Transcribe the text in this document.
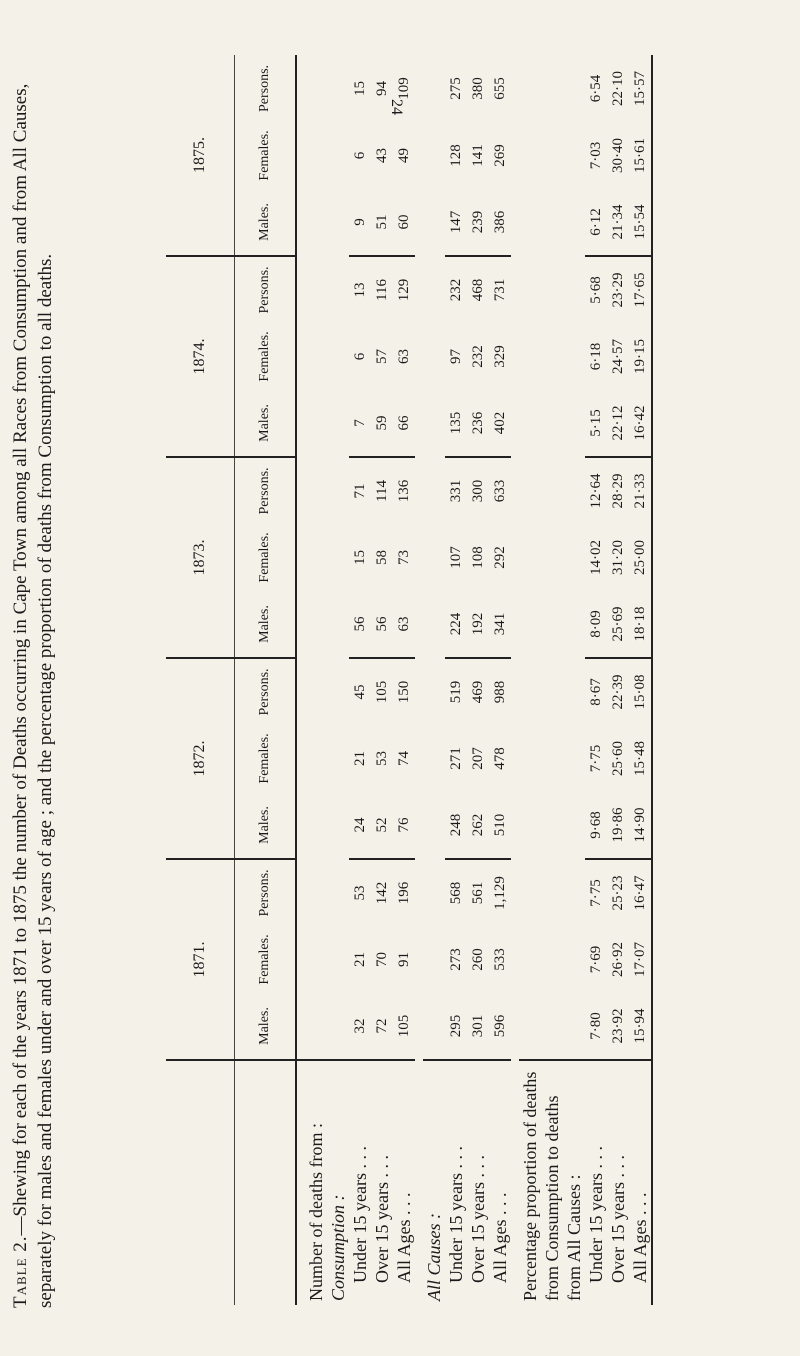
24
Table 2.—Shewing for each of the years 1871 to 1875 the number of Deaths occurring in Cape Town among all Races from Consumption and from All Causes, separately for males and females under and over 15 years of age ; and the percentage proportion of deaths from Consumption to all deaths.
		1871.			1872.			1873.			1874.			1875.		
	Males.	Females.	Persons.	Males.	Females.	Persons.	Males.	Females.	Persons.	Males.	Females.	Persons.	Males.	Females.	Persons.
Number of deaths from :															
Consumption :															
Under 15 years . . .	32	21	53	24	21	45	56	15	71	7	6	13	9	6	15
Over 15 years . . .	72	70	142	52	53	105	56	58	114	59	57	116	51	43	94
All Ages . . .	105	91	196	76	74	150	63	73	136	66	63	129	60	49	109

All Causes :															
Under 15 years . . .	295	273	568	248	271	519	224	107	331	135	97	232	147	128	275
Over 15 years . . .	301	260	561	262	207	469	192	108	300	236	232	468	239	141	380
All Ages . . .	596	533	1,129	510	478	988	341	292	633	402	329	731	386	269	655

Percentage proportion of deaths from Consumption to deaths from All Causes :															
Under 15 years . . .	7·80	7·69	7·75	9·68	7·75	8·67	8·09	14·02	12·64	5·15	6·18	5·68	6·12	7·03	6·54
Over 15 years . . .	23·92	26·92	25·23	19·86	25·60	22·39	25·69	31·20	28·29	22·12	24·57	23·29	21·34	30·40	22·10
All Ages . . .	15·94	17·07	16·47	14·90	15·48	15·08	18·18	25·00	21·33	16·42	19·15	17·65	15·54	15·61	15·57
